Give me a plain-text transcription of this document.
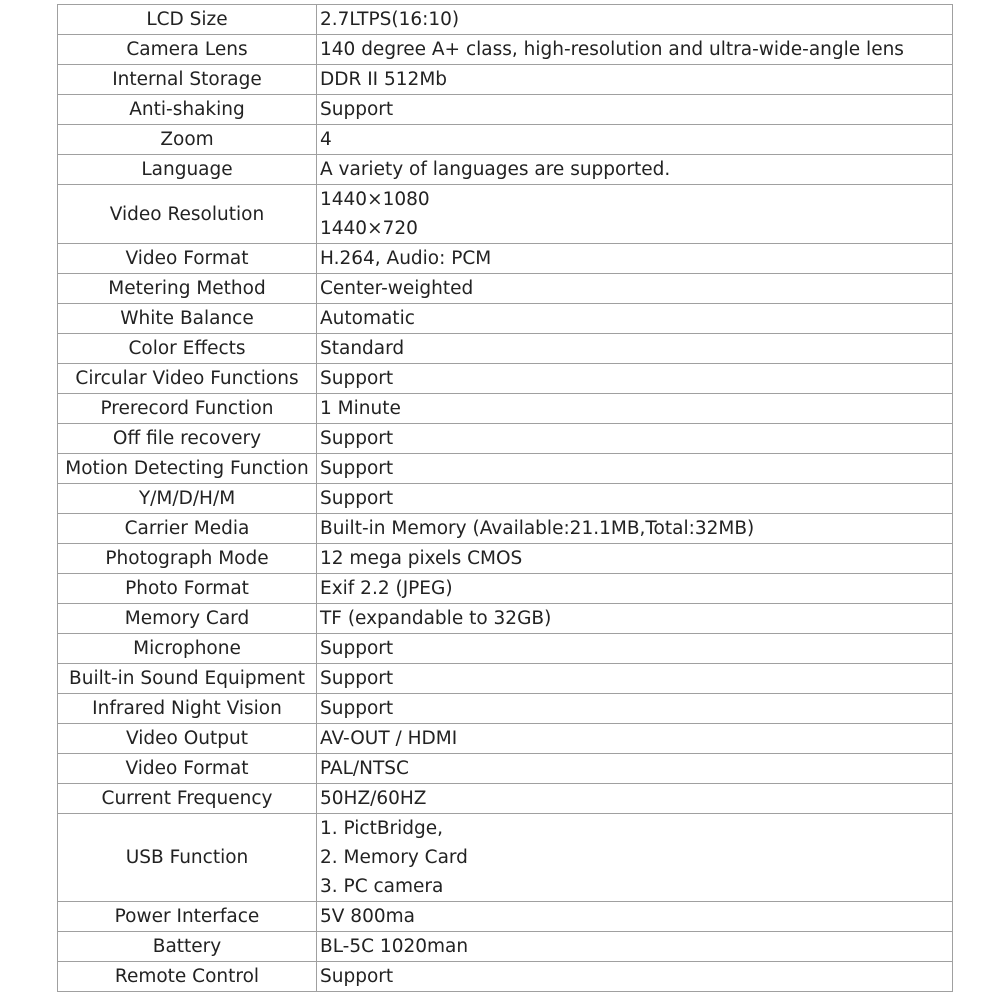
LCD Size	2.7LTPS(16:10)

Camera Lens	140 degree A+ class, high-resolution and ultra-wide-angle lens

Internal Storage	DDR II 512Mb

Anti-shaking	Support

Zoom	4

Language	A variety of languages are supported.

Video Resolution	1440×1080
1440×720

Video Format	H.264, Audio: PCM

Metering Method	Center-weighted

White Balance	Automatic

Color Effects	Standard

Circular Video Functions	Support

Prerecord Function	1 Minute

Off file recovery	Support

Motion Detecting Function	Support

Y/M/D/H/M	Support

Carrier Media	Built-in Memory (Available:21.1MB,Total:32MB)

Photograph Mode	12 mega pixels CMOS

Photo Format	Exif 2.2 (JPEG)

Memory Card	TF (expandable to 32GB)

Microphone	Support

Built-in Sound Equipment	Support

Infrared Night Vision	Support

Video Output	AV-OUT / HDMI

Video Format	PAL/NTSC

Current Frequency	50HZ/60HZ

USB Function	1. PictBridge,
2. Memory Card
3. PC camera

Power Interface	5V 800ma

Battery	BL-5C 1020man

Remote Control	Support
